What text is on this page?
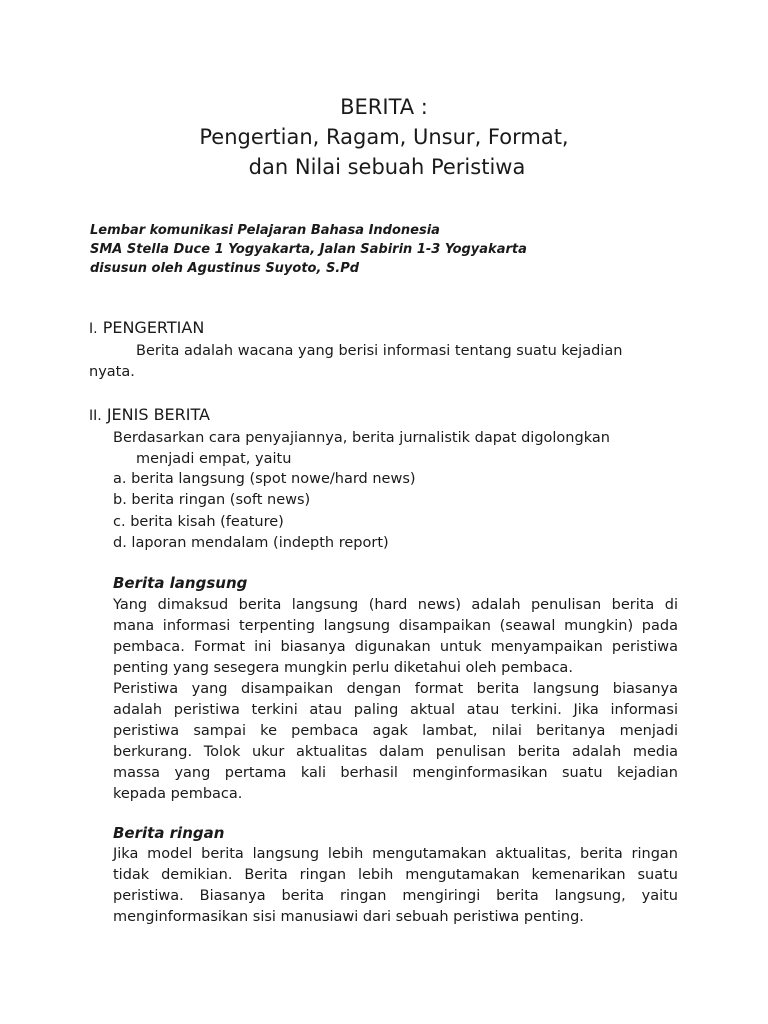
BERITA :
Pengertian, Ragam, Unsur, Format,
dan Nilai sebuah Peristiwa
Lembar komunikasi Pelajaran Bahasa Indonesia
SMA Stella Duce 1 Yogyakarta, Jalan Sabirin 1-3 Yogyakarta
disusun oleh Agustinus Suyoto, S.Pd
I. PENGERTIAN
Berita adalah wacana yang berisi informasi tentang suatu kejadian
nyata.
II. JENIS BERITA
Berdasarkan cara penyajiannya, berita jurnalistik dapat digolongkan
menjadi empat, yaitu
a. berita langsung (spot nowe/hard news)
b. berita ringan (soft news)
c. berita kisah (feature)
d. laporan mendalam (indepth report)
Berita langsung
Yang dimaksud berita langsung (hard news) adalah penulisan berita di
mana informasi terpenting langsung disampaikan (seawal mungkin) pada
pembaca. Format ini biasanya digunakan untuk menyampaikan peristiwa
penting yang sesegera mungkin perlu diketahui oleh pembaca.
Peristiwa yang disampaikan dengan format berita langsung biasanya
adalah peristiwa terkini atau paling aktual atau terkini. Jika informasi
peristiwa sampai ke pembaca agak lambat, nilai beritanya menjadi
berkurang. Tolok ukur aktualitas dalam penulisan berita adalah media
massa yang pertama kali berhasil menginformasikan suatu kejadian
kepada pembaca.
Berita ringan
Jika model berita langsung lebih mengutamakan aktualitas, berita ringan
tidak demikian. Berita ringan lebih mengutamakan kemenarikan suatu
peristiwa. Biasanya berita ringan mengiringi berita langsung, yaitu
menginformasikan sisi manusiawi dari sebuah peristiwa penting.
